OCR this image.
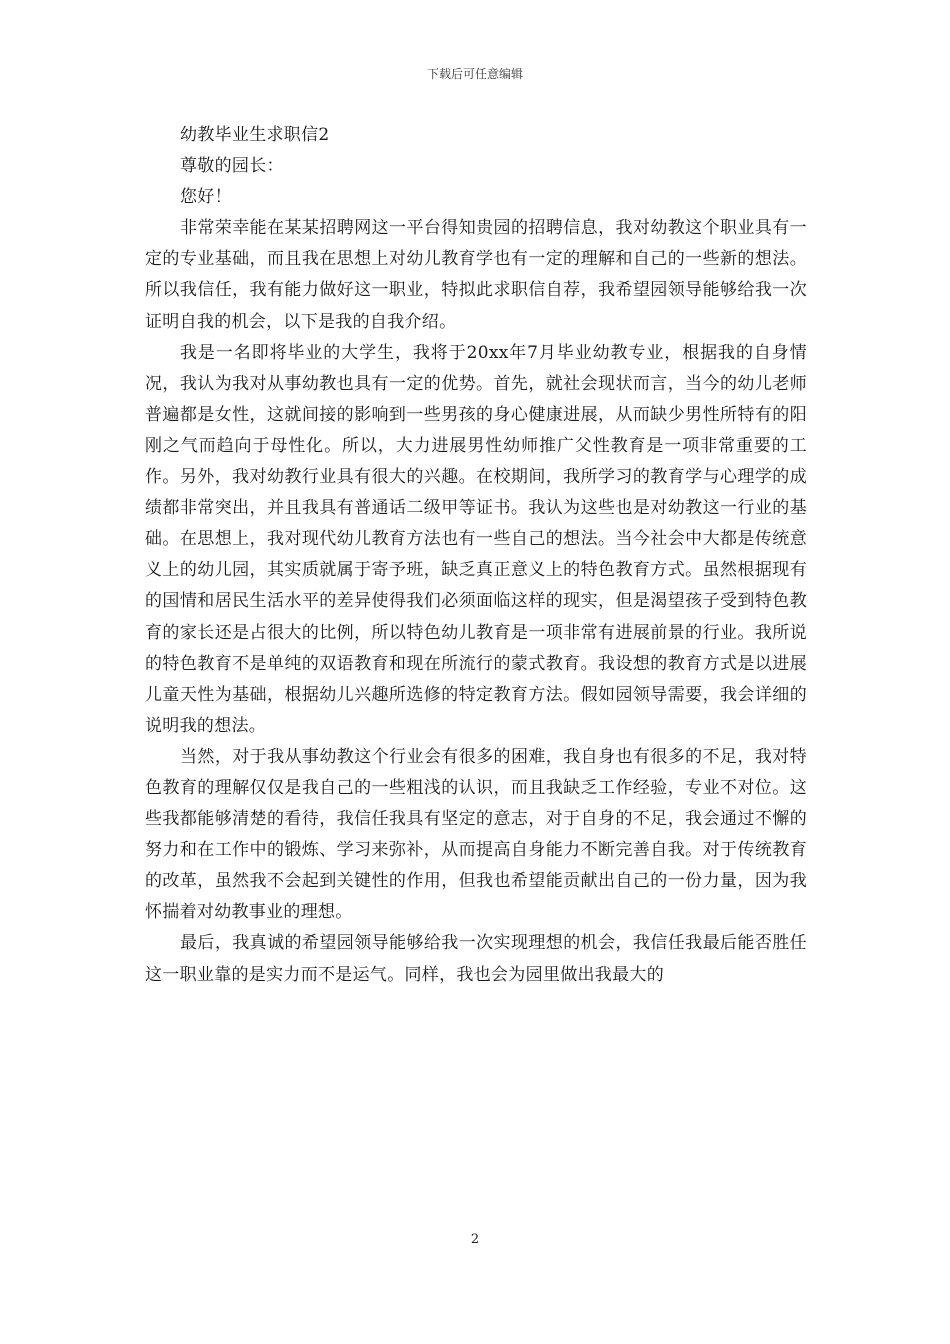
下载后可任意编辑

幼教毕业生求职信2

尊敬的园长：

您好！

非常荣幸能在某某招聘网这一平台得知贵园的招聘信息，我对幼教这个职业具有一定的专业基础，而且我在思想上对幼儿教育学也有一定的理解和自己的一些新的想法。所以我信任，我有能力做好这一职业，特拟此求职信自荐，我希望园领导能够给我一次证明自我的机会，以下是我的自我介绍。

我是一名即将毕业的大学生，我将于20xx年7月毕业幼教专业，根据我的自身情况，我认为我对从事幼教也具有一定的优势。首先，就社会现状而言，当今的幼儿老师普遍都是女性，这就间接的影响到一些男孩的身心健康进展，从而缺少男性所特有的阳刚之气而趋向于母性化。所以，大力进展男性幼师推广父性教育是一项非常重要的工作。另外，我对幼教行业具有很大的兴趣。在校期间，我所学习的教育学与心理学的成绩都非常突出，并且我具有普通话二级甲等证书。我认为这些也是对幼教这一行业的基础。在思想上，我对现代幼儿教育方法也有一些自己的想法。当今社会中大都是传统意义上的幼儿园，其实质就属于寄予班，缺乏真正意义上的特色教育方式。虽然根据现有的国情和居民生活水平的差异使得我们必须面临这样的现实，但是渴望孩子受到特色教育的家长还是占很大的比例，所以特色幼儿教育是一项非常有进展前景的行业。我所说的特色教育不是单纯的双语教育和现在所流行的蒙式教育。我设想的教育方式是以进展儿童天性为基础，根据幼儿兴趣所选修的特定教育方法。假如园领导需要，我会详细的说明我的想法。

当然，对于我从事幼教这个行业会有很多的困难，我自身也有很多的不足，我对特色教育的理解仅仅是我自己的一些粗浅的认识，而且我缺乏工作经验，专业不对位。这些我都能够清楚的看待，我信任我具有坚定的意志，对于自身的不足，我会通过不懈的努力和在工作中的锻炼、学习来弥补，从而提高自身能力不断完善自我。对于传统教育的改革，虽然我不会起到关键性的作用，但我也希望能贡献出自己的一份力量，因为我怀揣着对幼教事业的理想。

最后，我真诚的希望园领导能够给我一次实现理想的机会，我信任我最后能否胜任这一职业靠的是实力而不是运气。同样，我也会为园里做出我最大的

2
